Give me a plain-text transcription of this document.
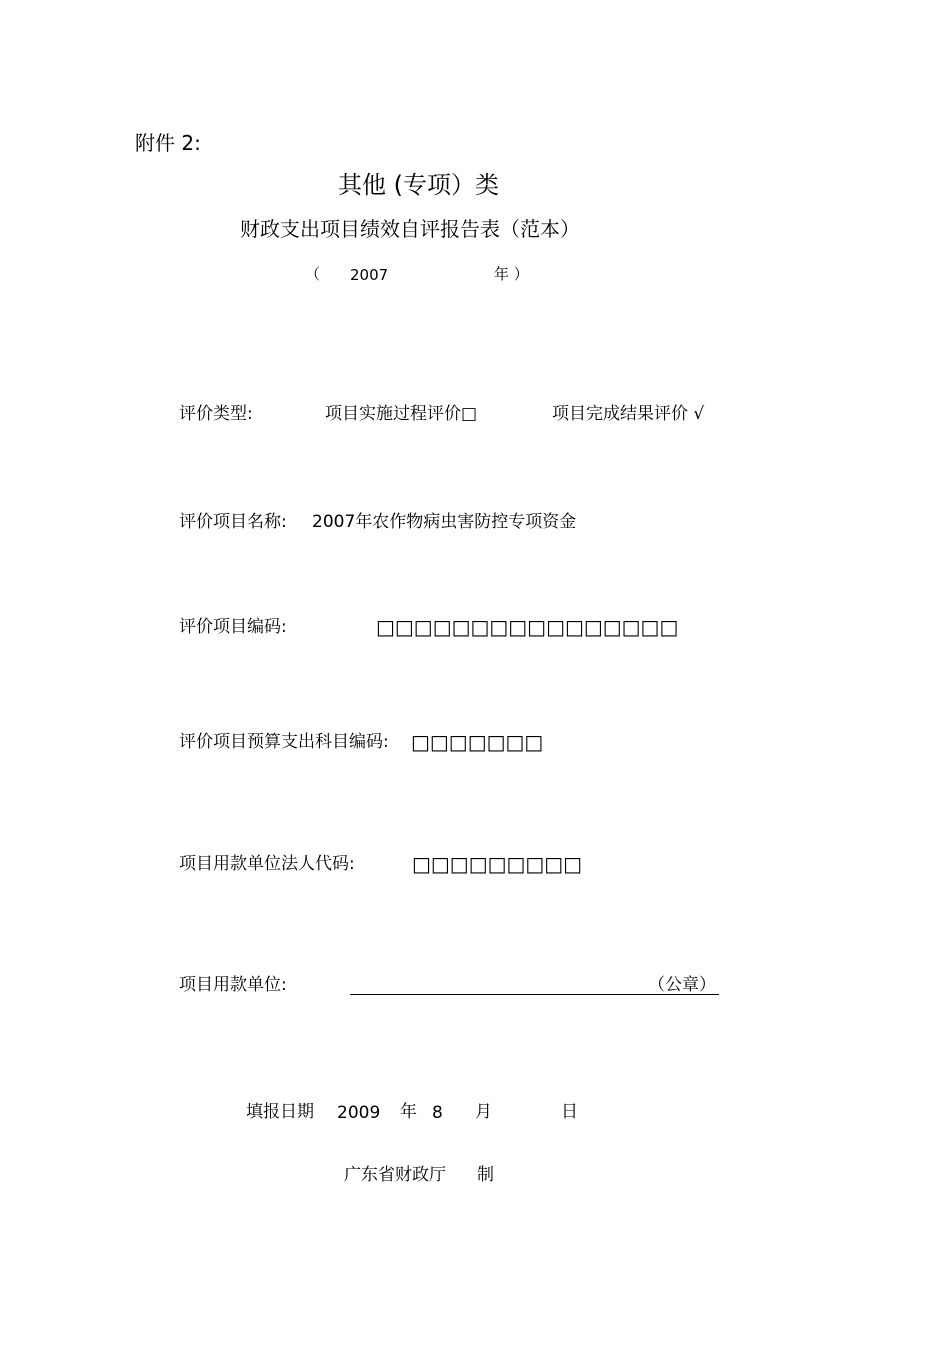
附件 2:
其他 (专项）类
财政支出项目绩效自评报告表（范本）
（ 2007	年 ）
评价类型:	项目实施过程评价□	项目完成结果评价 √
评价项目名称: 2007年农作物病虫害防控专项资金
评价项目编码:	□□□□□□□□□□□□□□□□
评价项目预算支出科目编码: □□□□□□□
项目用款单位法人代码:	□□□□□□□□□
项目用款单位:	（公章）
填报日期 2009 年 8 月	日
广东省财政厅 制
